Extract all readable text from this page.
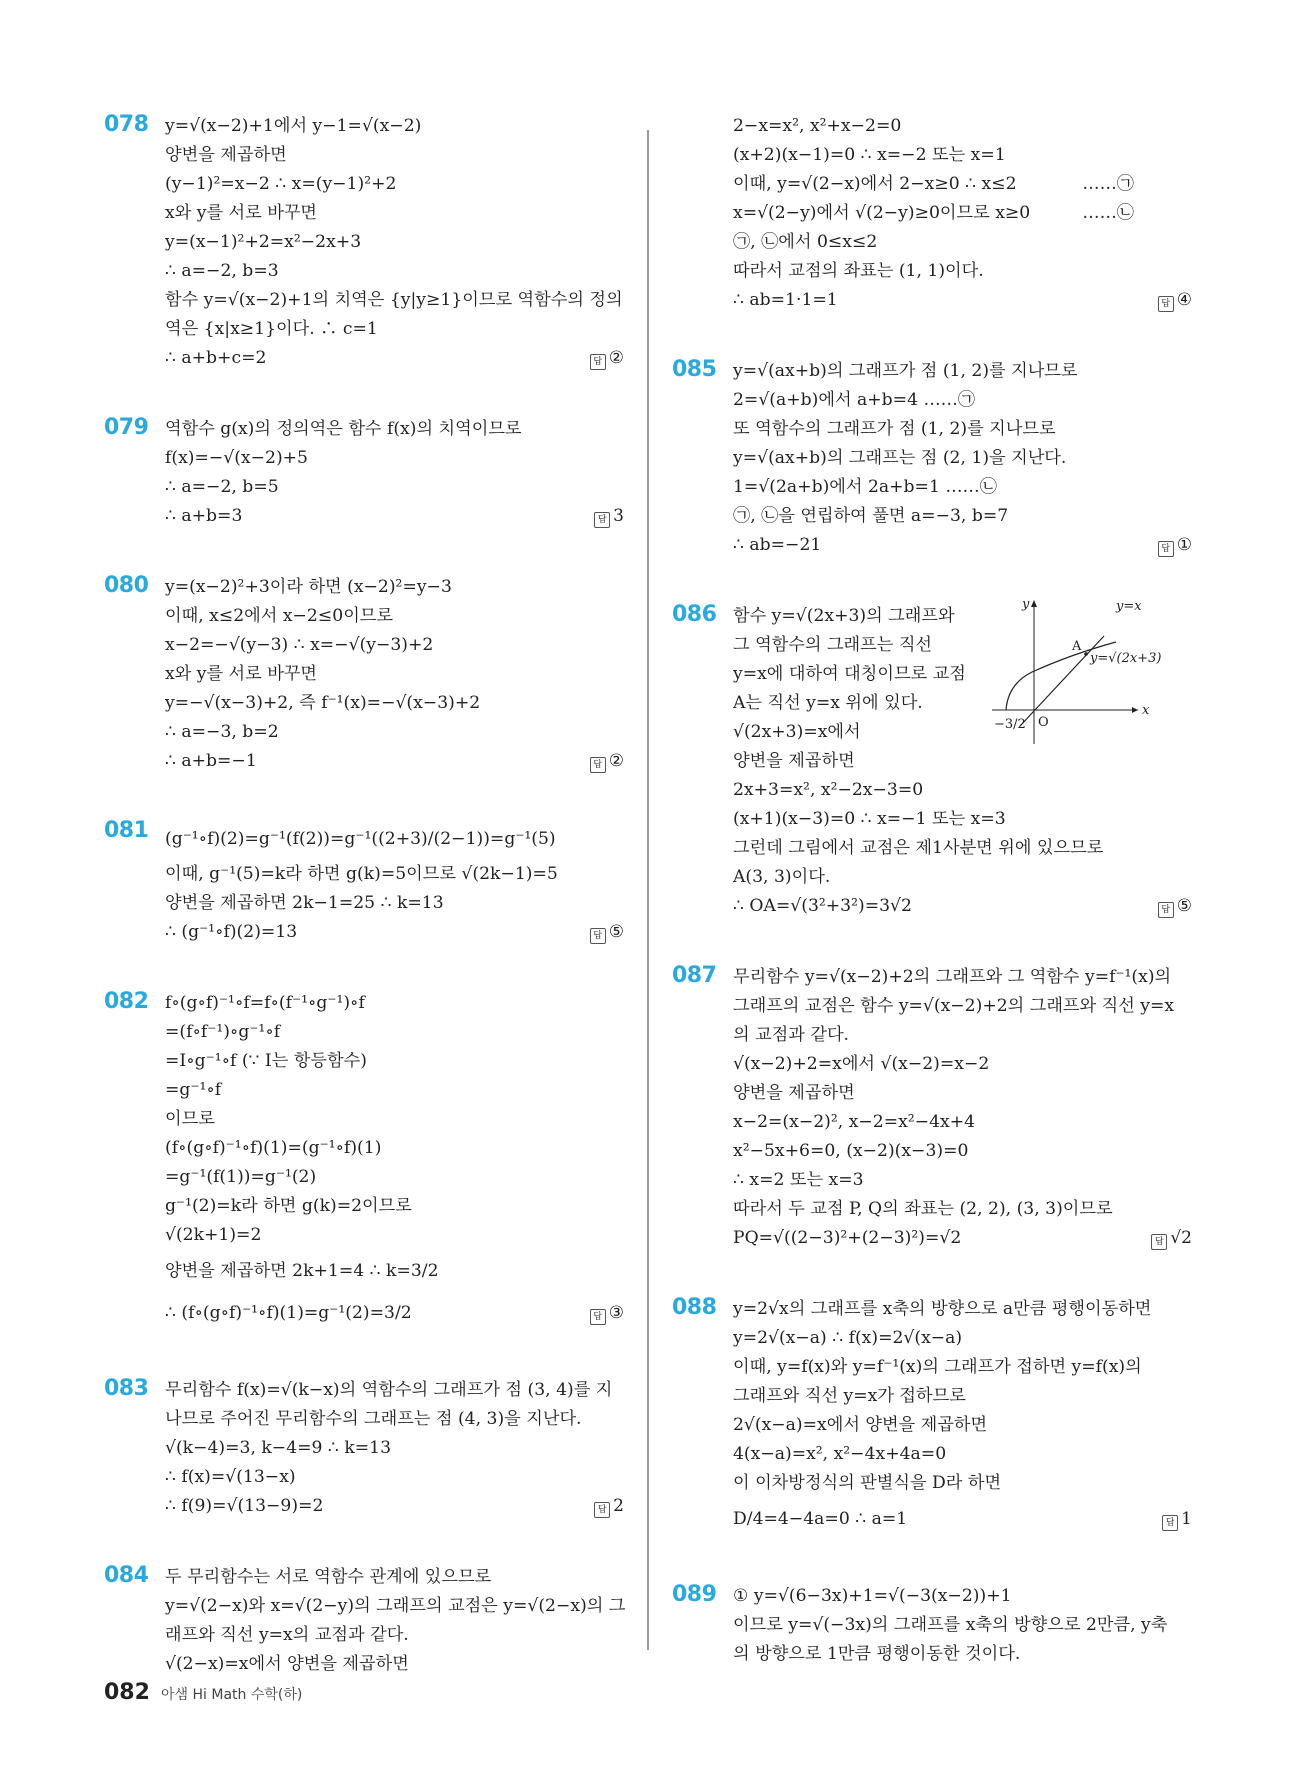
078 y=√(x−2)+1에서 y−1=√(x−2)
양변을 제곱하면
(y−1)²=x−2 ∴ x=(y−1)²+2
x와 y를 서로 바꾸면
y=(x−1)²+2=x²−2x+3
∴ a=−2, b=3
함수 y=√(x−2)+1의 치역은 {y|y≥1}이므로 역함수의 정의
역은 {x|x≥1}이다. ∴ c=1
∴ a+b+c=2	답 ②
079 역함수 g(x)의 정의역은 함수 f(x)의 치역이므로
f(x)=−√(x−2)+5
∴ a=−2, b=5
∴ a+b=3	답 3
080 y=(x−2)²+3이라 하면 (x−2)²=y−3
이때, x≤2에서 x−2≤0이므로
x−2=−√(y−3) ∴ x=−√(y−3)+2
x와 y를 서로 바꾸면
y=−√(x−3)+2, 즉 f⁻¹(x)=−√(x−3)+2
∴ a=−3, b=2
∴ a+b=−1	답 ②
081 (g⁻¹∘f)(2)=g⁻¹(f(2))=g⁻¹((2+3)/(2−1))=g⁻¹(5)
이때, g⁻¹(5)=k라 하면 g(k)=5이므로 √(2k−1)=5
양변을 제곱하면 2k−1=25 ∴ k=13
∴ (g⁻¹∘f)(2)=13	답 ⑤
082 f∘(g∘f)⁻¹∘f=f∘(f⁻¹∘g⁻¹)∘f
=(f∘f⁻¹)∘g⁻¹∘f
=I∘g⁻¹∘f (∵ I는 항등함수)
=g⁻¹∘f
이므로
(f∘(g∘f)⁻¹∘f)(1)=(g⁻¹∘f)(1)
=g⁻¹(f(1))=g⁻¹(2)
g⁻¹(2)=k라 하면 g(k)=2이므로
√(2k+1)=2
양변을 제곱하면 2k+1=4 ∴ k=3/2
∴ (f∘(g∘f)⁻¹∘f)(1)=g⁻¹(2)=3/2	답 ③
083 무리함수 f(x)=√(k−x)의 역함수의 그래프가 점 (3, 4)를 지
나므로 주어진 무리함수의 그래프는 점 (4, 3)을 지난다.
√(k−4)=3, k−4=9 ∴ k=13
∴ f(x)=√(13−x)
∴ f(9)=√(13−9)=2	답 2
084 두 무리함수는 서로 역함수 관계에 있으므로
y=√(2−x)와 x=√(2−y)의 그래프의 교점은 y=√(2−x)의 그
래프와 직선 y=x의 교점과 같다.
√(2−x)=x에서 양변을 제곱하면
2−x=x², x²+x−2=0
(x+2)(x−1)=0 ∴ x=−2 또는 x=1
이때, y=√(2−x)에서 2−x≥0 ∴ x≤2	……㉠
x=√(2−y)에서 √(2−y)≥0이므로 x≥0	……㉡
㉠, ㉡에서 0≤x≤2
따라서 교점의 좌표는 (1, 1)이다.
∴ ab=1·1=1	답 ④
085 y=√(ax+b)의 그래프가 점 (1, 2)를 지나므로
2=√(a+b)에서 a+b=4 ……㉠
또 역함수의 그래프가 점 (1, 2)를 지나므로
y=√(ax+b)의 그래프는 점 (2, 1)을 지난다.
1=√(2a+b)에서 2a+b=1 ……㉡
㉠, ㉡을 연립하여 풀면 a=−3, b=7
∴ ab=−21	답 ①
086 함수 y=√(2x+3)의 그래프와
그 역함수의 그래프는 직선
y=x에 대하여 대칭이므로 교점
A는 직선 y=x 위에 있다.
√(2x+3)=x에서
양변을 제곱하면
2x+3=x², x²−2x−3=0
(x+1)(x−3)=0 ∴ x=−1 또는 x=3
그런데 그림에서 교점은 제1사분면 위에 있으므로
A(3, 3)이다.
∴ OA=√(3²+3²)=3√2	답 ⑤
087 무리함수 y=√(x−2)+2의 그래프와 그 역함수 y=f⁻¹(x)의
그래프의 교점은 함수 y=√(x−2)+2의 그래프와 직선 y=x
의 교점과 같다.
√(x−2)+2=x에서 √(x−2)=x−2
양변을 제곱하면
x−2=(x−2)², x−2=x²−4x+4
x²−5x+6=0, (x−2)(x−3)=0
∴ x=2 또는 x=3
따라서 두 교점 P, Q의 좌표는 (2, 2), (3, 3)이므로
PQ=√((2−3)²+(2−3)²)=√2	답 √2
088 y=2√x의 그래프를 x축의 방향으로 a만큼 평행이동하면
y=2√(x−a) ∴ f(x)=2√(x−a)
이때, y=f(x)와 y=f⁻¹(x)의 그래프가 접하면 y=f(x)의
그래프와 직선 y=x가 접하므로
2√(x−a)=x에서 양변을 제곱하면
4(x−a)=x², x²−4x+4a=0
이 이차방정식의 판별식을 D라 하면
D/4=4−4a=0 ∴ a=1	답 1
089 ① y=√(6−3x)+1=√(−3(x−2))+1
이므로 y=√(−3x)의 그래프를 x축의 방향으로 2만큼, y축
의 방향으로 1만큼 평행이동한 것이다.
y=x
A
y=√(2x+3)
y
x
O
−3/2
082 아샘 Hi Math 수학(하)
